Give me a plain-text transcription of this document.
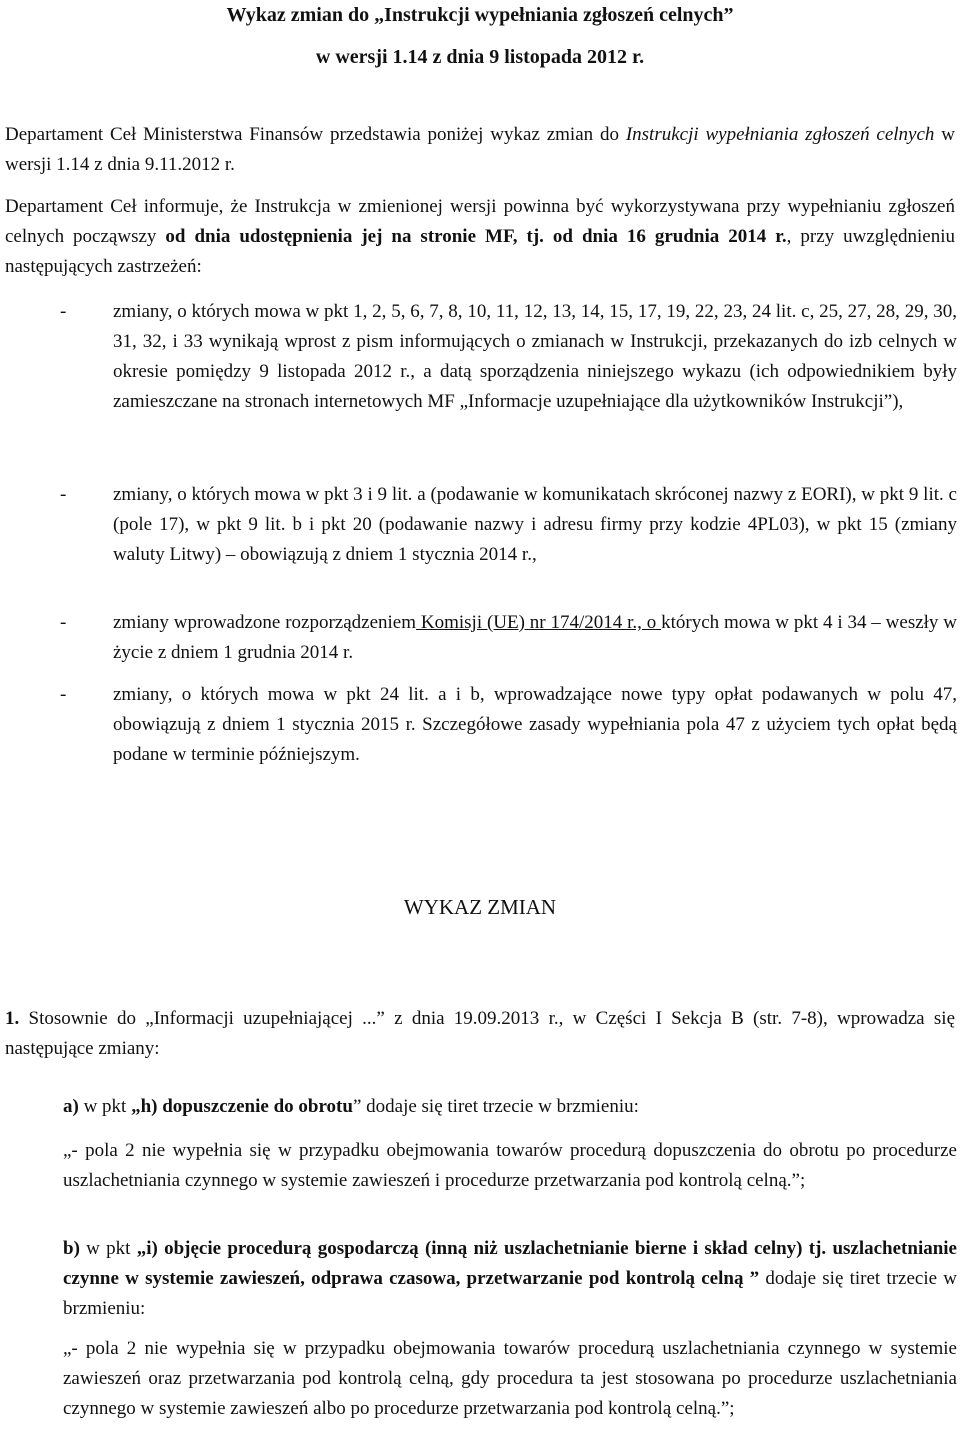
Wykaz zmian do „Instrukcji wypełniania zgłoszeń celnych”
w wersji 1.14 z dnia 9 listopada 2012 r.

Departament Ceł Ministerstwa Finansów przedstawia poniżej wykaz zmian do Instrukcji wypełniania zgłoszeń celnych w wersji 1.14 z dnia 9.11.2012 r.

Departament Ceł informuje, że Instrukcja w zmienionej wersji powinna być wykorzystywana przy wypełnianiu zgłoszeń celnych począwszy od dnia udostępnienia jej na stronie MF, tj. od dnia 16 grudnia 2014 r., przy uwzględnieniu następujących zastrzeżeń:

- zmiany, o których mowa w pkt 1, 2, 5, 6, 7, 8, 10, 11, 12, 13, 14, 15, 17, 19, 22, 23, 24 lit. c, 25, 27, 28, 29, 30, 31, 32, i 33 wynikają wprost z pism informujących o zmianach w Instrukcji, przekazanych do izb celnych w okresie pomiędzy 9 listopada 2012 r., a datą sporządzenia niniejszego wykazu (ich odpowiednikiem były zamieszczane na stronach internetowych MF „Informacje uzupełniające dla użytkowników Instrukcji”),

- zmiany, o których mowa w pkt 3 i 9 lit. a (podawanie w komunikatach skróconej nazwy z EORI), w pkt 9 lit. c (pole 17), w pkt 9 lit. b i pkt 20 (podawanie nazwy i adresu firmy przy kodzie 4PL03), w pkt 15 (zmiany waluty Litwy) – obowiązują z dniem 1 stycznia 2014 r.,

- zmiany wprowadzone rozporządzeniem Komisji (UE) nr 174/2014 r., o których mowa w pkt 4 i 34 – weszły w życie z dniem 1 grudnia 2014 r.

- zmiany, o których mowa w pkt 24 lit. a i b, wprowadzające nowe typy opłat podawanych w polu 47, obowiązują z dniem 1 stycznia 2015 r. Szczegółowe zasady wypełniania pola 47 z użyciem tych opłat będą podane w terminie późniejszym.

WYKAZ ZMIAN

1. Stosownie do „Informacji uzupełniającej ...” z dnia 19.09.2013 r., w Części I Sekcja B (str. 7-8), wprowadza się następujące zmiany:

a) w pkt „h) dopuszczenie do obrotu” dodaje się tiret trzecie w brzmieniu:

„- pola 2 nie wypełnia się w przypadku obejmowania towarów procedurą dopuszczenia do obrotu po procedurze uszlachetniania czynnego w systemie zawieszeń i procedurze przetwarzania pod kontrolą celną.”;

b) w pkt „i) objęcie procedurą gospodarczą (inną niż uszlachetnianie bierne i skład celny) tj. uszlachetnianie czynne w systemie zawieszeń, odprawa czasowa, przetwarzanie pod kontrolą celną ” dodaje się tiret trzecie w brzmieniu:

„- pola 2 nie wypełnia się w przypadku obejmowania towarów procedurą uszlachetniania czynnego w systemie zawieszeń oraz przetwarzania pod kontrolą celną, gdy procedura ta jest stosowana po procedurze uszlachetniania czynnego w systemie zawieszeń albo po procedurze przetwarzania pod kontrolą celną.”;
